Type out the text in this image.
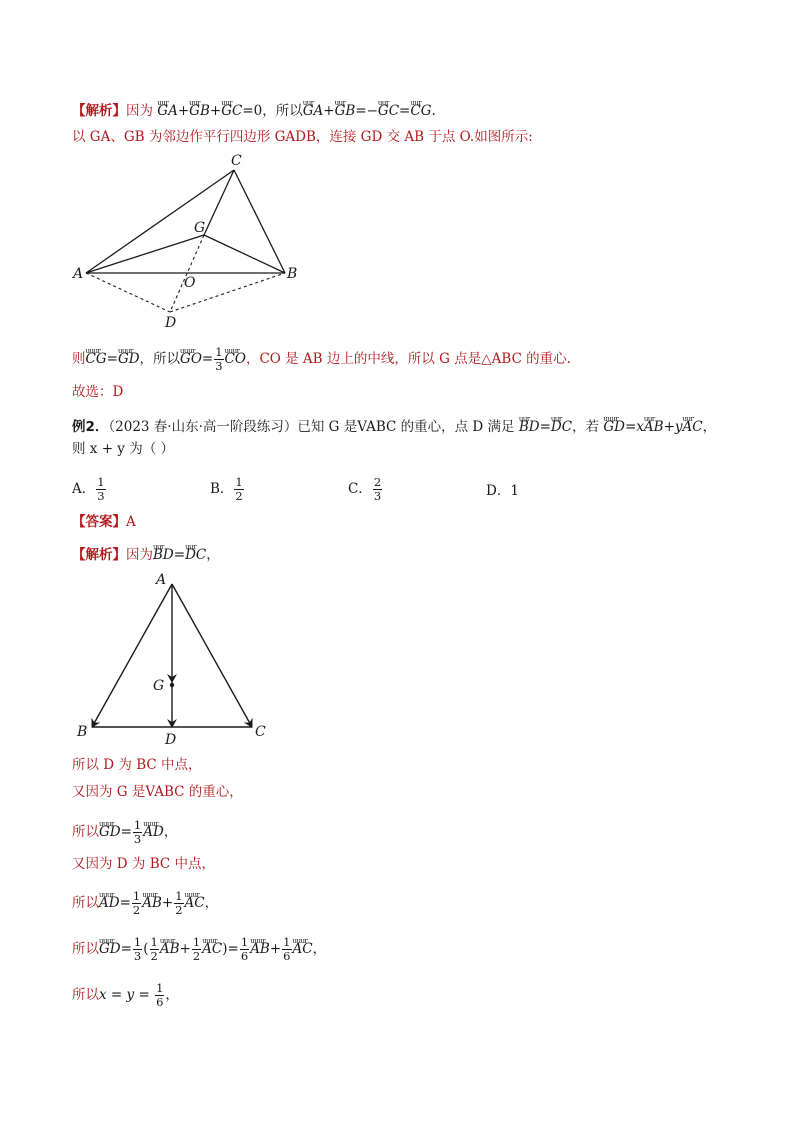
【解析】因为 uur GA+uur GB+uur GC=0，所以uur GA+uur GB=−uur GC=uur CG.
以 GA、GB 为邻边作平行四边形 GADB，连接 GD 交 AB 于点 O.如图所示:
C
G
A	B
O
D
则uuur CG=uuur GD，所以uuur $GO= \frac{1}{3}$ uuur CO，CO 是 AB 边上的中线，所以 G 点是△ABC 的重心.
故选：D
例2．（2023 春·山东·高一阶段练习）已知 G 是VABC 的重心，点 D 满足 uur BD=uur DC，若 uuur GD=xuur AB+yuur AC，
则 x + y 为（ ）
A． $\frac{1}{3}$	B． $\frac{1}{2}$	C． $\frac{2}{3}$	D．1
【答案】A
【解析】因为uur BD=uur DC，
A
G
B	D	C
所以 D 为 BC 中点，
又因为 G 是VABC 的重心，
所以uuur $GD= \frac{1}{3}$ uuur AD，
又因为 D 为 BC 中点，
所以uuur $AD= \frac{1}{2}$ uuur $AB+ \frac{1}{2}$ uuur AC，
所以uuur $GD= \frac{1}{3}$ ( $\frac{1}{2}$ uuur $AB+ \frac{1}{2}$ uuur $AC)= \frac{1}{6}$ uuur $AB+ \frac{1}{6}$ uuur AC，
所以$x = y = \frac{1}{6}$ ，
